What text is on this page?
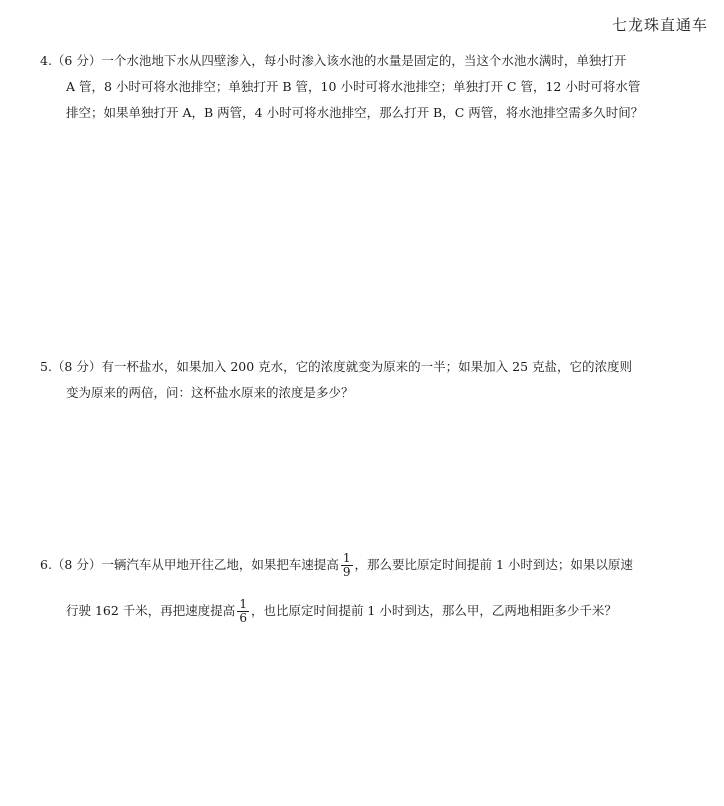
七龙珠直通车
4.（6 分）一个水池地下水从四壁渗入，每小时渗入该水池的水量是固定的，当这个水池水满时，单独打开
A 管，8 小时可将水池排空；单独打开 B 管，10 小时可将水池排空；单独打开 C 管，12 小时可将水管
排空；如果单独打开 A，B 两管，4 小时可将水池排空，那么打开 B，C 两管，将水池排空需多久时间？
5.（8 分）有一杯盐水，如果加入 200 克水，它的浓度就变为原来的一半；如果加入 25 克盐，它的浓度则
变为原来的两倍，问：这杯盐水原来的浓度是多少？
6.（8 分）一辆汽车从甲地开往乙地，如果把车速提高 $\frac{1}{9}$ ，那么要比原定时间提前 1 小时到达；如果以原速
行驶 162 千米，再把速度提高 $\frac{1}{6}$ ，也比原定时间提前 1 小时到达，那么甲，乙两地相距多少千米？
